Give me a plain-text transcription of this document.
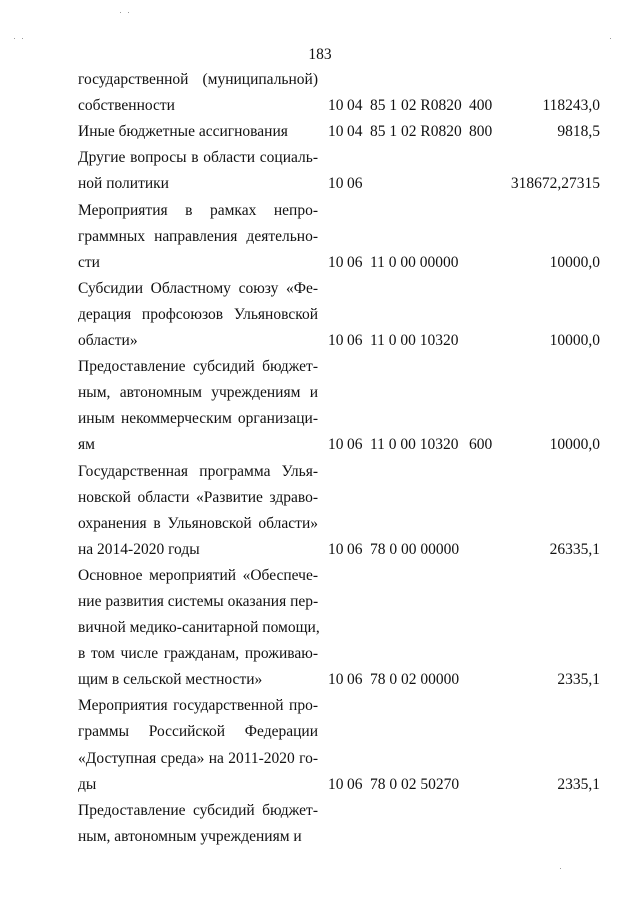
183
государственной (муниципальной)
собственности	10 04 85 1 02 R0820 400	118243,0
Иные бюджетные ассигнования	10 04 85 1 02 R0820 800	9818,5
Другие вопросы в области социаль-
ной политики	10 06	318672,27315
Мероприятия в рамках непро-
граммных направления деятельно-
сти	10 06 11 0 00 00000	10000,0
Субсидии Областному союзу «Фе-
дерация профсоюзов Ульяновской
области»	10 06 11 0 00 10320	10000,0
Предоставление субсидий бюджет-
ным, автономным учреждениям и
иным некоммерческим организаци-
ям	10 06 11 0 00 10320 600	10000,0
Государственная программа Улья-
новской области «Развитие здраво-
охранения в Ульяновской области»
на 2014-2020 годы	10 06 78 0 00 00000	26335,1
Основное мероприятий «Обеспече-
ние развития системы оказания пер-
вичной медико-санитарной помощи,
в том числе гражданам, проживаю-
щим в сельской местности»	10 06 78 0 02 00000	2335,1
Мероприятия государственной про-
граммы Российской Федерации
«Доступная среда» на 2011-2020 го-
ды	10 06 78 0 02 50270	2335,1
Предоставление субсидий бюджет-
ным, автономным учреждениям и
